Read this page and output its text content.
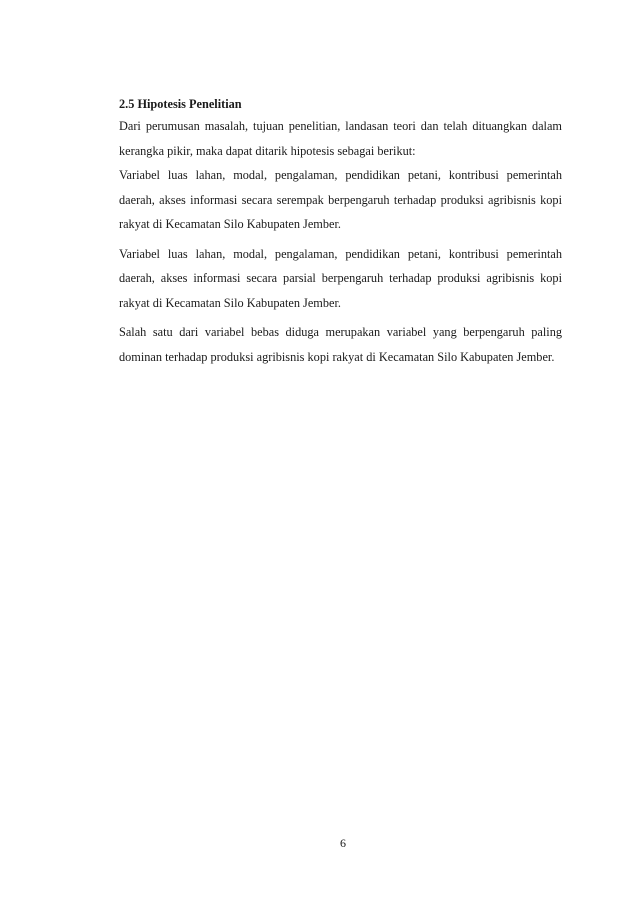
2.5 Hipotesis Penelitian

Dari perumusan masalah, tujuan penelitian, landasan teori dan telah dituangkan dalam kerangka pikir, maka dapat ditarik hipotesis sebagai berikut:

Variabel luas lahan, modal, pengalaman, pendidikan petani, kontribusi pemerintah daerah, akses informasi secara serempak berpengaruh terhadap produksi agribisnis kopi rakyat di Kecamatan Silo Kabupaten Jember.

Variabel luas lahan, modal, pengalaman, pendidikan petani, kontribusi pemerintah daerah, akses informasi secara parsial berpengaruh terhadap produksi agribisnis kopi rakyat di Kecamatan Silo Kabupaten Jember.

Salah satu dari variabel bebas diduga merupakan variabel yang berpengaruh paling dominan terhadap produksi agribisnis kopi rakyat di Kecamatan Silo Kabupaten Jember.

6
